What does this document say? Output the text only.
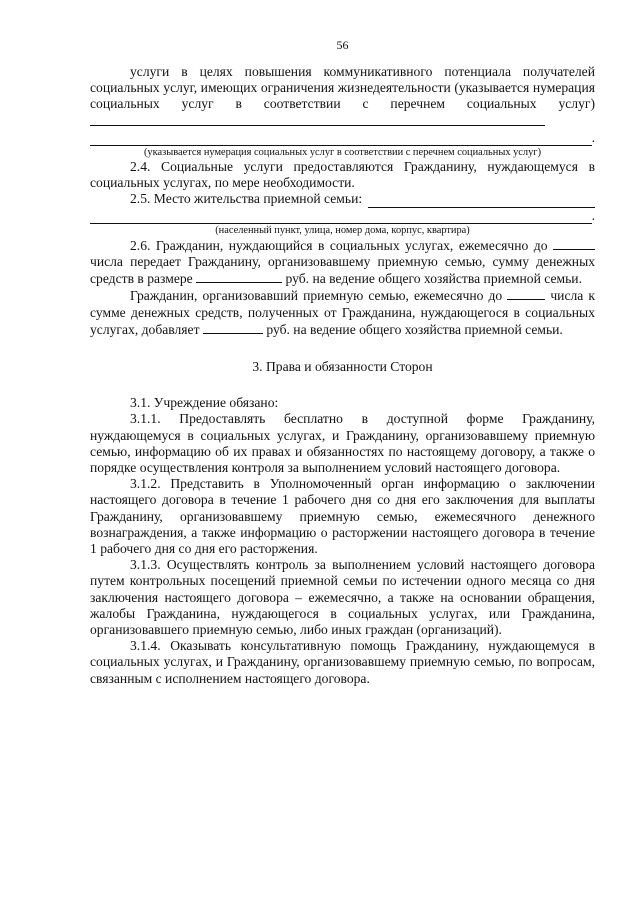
56

услуги в целях повышения коммуникативного потенциала получателей социальных услуг, имеющих ограничения жизнедеятельности (указывается нумерация социальных услуг в соответствии с перечнем социальных услуг)

.
(указывается нумерация социальных услуг в соответствии с перечнем социальных услуг)

2.4. Социальные услуги предоставляются Гражданину, нуждающемуся в социальных услугах, по мере необходимости.

2.5. Место жительства приемной семьи:
.
(населенный пункт, улица, номер дома, корпус, квартира)

2.6. Гражданин, нуждающийся в социальных услугах, ежемесячно до  числа передает Гражданину, организовавшему приемную семью, сумму денежных средств в размере	руб. на ведение общего хозяйства приемной семьи.

Гражданин, организовавший приемную семью, ежемесячно до	числа к сумме денежных средств, полученных от Гражданина, нуждающегося в социальных услугах, добавляет	руб. на ведение общего хозяйства приемной семьи.

3. Права и обязанности Сторон

3.1. Учреждение обязано:

3.1.1. Предоставлять бесплатно в доступной форме Гражданину, нуждающемуся в социальных услугах, и Гражданину, организовавшему приемную семью, информацию об их правах и обязанностях по настоящему договору, а также о порядке осуществления контроля за выполнением условий настоящего договора.

3.1.2. Представить в Уполномоченный орган информацию о заключении настоящего договора в течение 1 рабочего дня со дня его заключения для выплаты Гражданину, организовавшему приемную семью, ежемесячного денежного вознаграждения, а также информацию о расторжении настоящего договора в течение 1 рабочего дня со дня его расторжения.

3.1.3. Осуществлять контроль за выполнением условий настоящего договора путем контрольных посещений приемной семьи по истечении одного месяца со дня заключения настоящего договора – ежемесячно, а также на основании обращения, жалобы Гражданина, нуждающегося в социальных услугах, или Гражданина, организовавшего приемную семью, либо иных граждан (организаций).

3.1.4. Оказывать консультативную помощь Гражданину, нуждающемуся в социальных услугах, и Гражданину, организовавшему приемную семью, по вопросам, связанным с исполнением настоящего договора.
